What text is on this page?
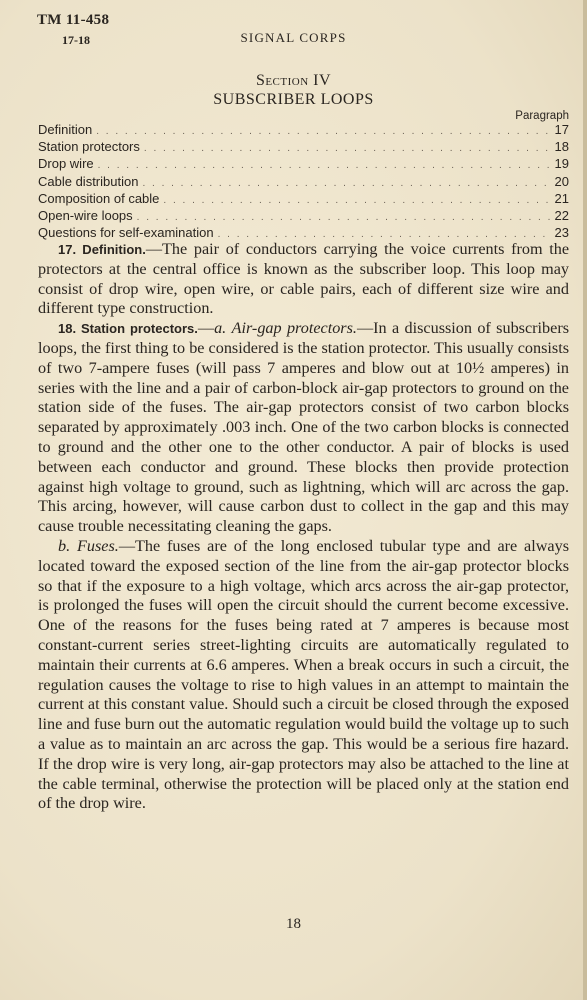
TM 11-458
17-18	SIGNAL CORPS
Section IV
SUBSCRIBER LOOPS
Paragraph
Definition . . .	17
Station protectors . . .	18
Drop wire . . .	19
Cable distribution . . .	20
Composition of cable . . .	21
Open-wire loops . . .	22
Questions for self-examination . . .	23

17. Definition.—The pair of conductors carrying the voice currents from the protectors at the central office is known as the subscriber loop. This loop may consist of drop wire, open wire, or cable pairs, each of different size wire and different type construction.

18. Station protectors.—a. Air-gap protectors.—In a discussion of subscribers loops, the first thing to be considered is the station protector. This usually consists of two 7-ampere fuses (will pass 7 amperes and blow out at 10½ amperes) in series with the line and a pair of carbon-block air-gap protectors to ground on the station side of the fuses. The air-gap protectors consist of two carbon blocks separated by approximately .003 inch. One of the two carbon blocks is connected to ground and the other one to the other conductor. A pair of blocks is used between each conductor and ground. These blocks then provide protection against high voltage to ground, such as lightning, which will arc across the gap. This arcing, however, will cause carbon dust to collect in the gap and this may cause trouble necessitating cleaning the gaps.

b. Fuses.—The fuses are of the long enclosed tubular type and are always located toward the exposed section of the line from the air-gap protector blocks so that if the exposure to a high voltage, which arcs across the air-gap protector, is prolonged the fuses will open the circuit should the current become excessive. One of the reasons for the fuses being rated at 7 amperes is because most constant-current series street-lighting circuits are automatically regulated to maintain their currents at 6.6 amperes. When a break occurs in such a circuit, the regulation causes the voltage to rise to high values in an attempt to maintain the current at this constant value. Should such a circuit be closed through the exposed line and fuse burn out the automatic regulation would build the voltage up to such a value as to maintain an arc across the gap. This would be a serious fire hazard. If the drop wire is very long, air-gap protectors may also be attached to the line at the cable terminal, otherwise the protection will be placed only at the station end of the drop wire.

18
